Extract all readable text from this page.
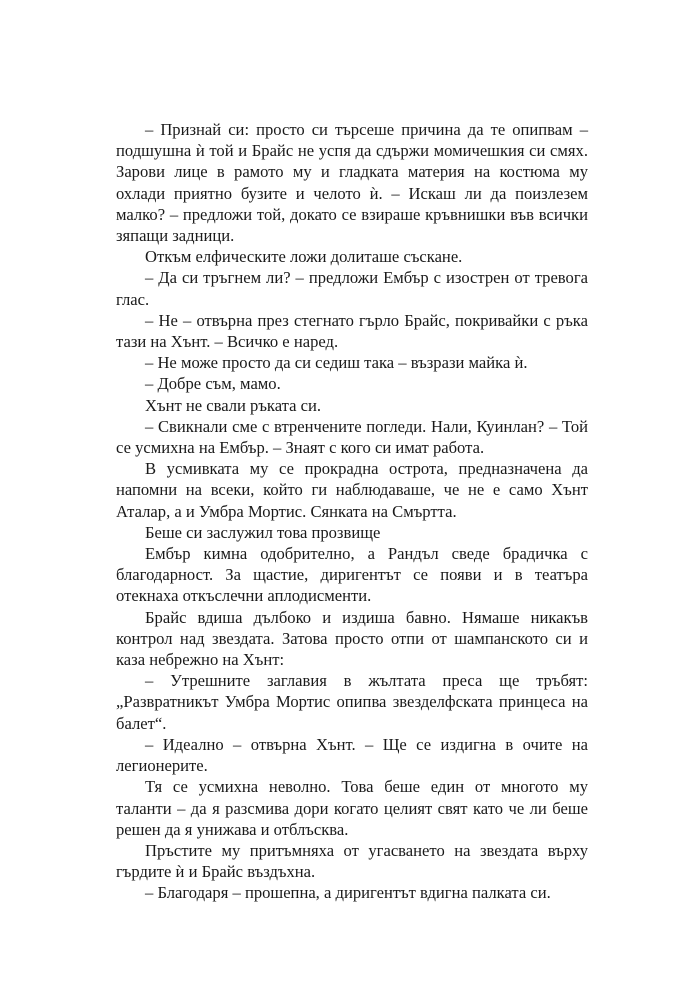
– Признай си: просто си търсеше причина да те опипвам – подшушна ѝ той и Брайс не успя да сдържи момичешкия си смях. Зарови лице в рамото му и гладката материя на костюма му охлади приятно бузите и челото ѝ. – Искаш ли да поизлезем малко? – предложи той, докато се взираше кръвнишки във всички зяпащи задници.

Откъм елфическите ложи долиташе съскане.

– Да си тръгнем ли? – предложи Ембър с изострен от тревога глас.

– Не – отвърна през стегнато гърло Брайс, покривайки с ръка тази на Хънт. – Всичко е наред.

– Не може просто да си седиш така – възрази майка ѝ.

– Добре съм, мамо.

Хънт не свали ръката си.

– Свикнали сме с втренчените погледи. Нали, Куинлан? – Той се усмихна на Ембър. – Знаят с кого си имат работа.

В усмивката му се прокрадна острота, предназначена да напомни на всеки, който ги наблюдаваше, че не е само Хънт Аталар, а и Умбра Мортис. Сянката на Смъртта.

Беше си заслужил това прозвище

Ембър кимна одобрително, а Рандъл сведе брадичка с благодарност. За щастие, диригентът се появи и в театъра отекнаха откъслечни аплодисменти.

Брайс вдиша дълбоко и издиша бавно. Нямаше никакъв контрол над звездата. Затова просто отпи от шампанското си и каза небрежно на Хънт:

– Утрешните заглавия в жълтата преса ще тръбят: „Развратникът Умбра Мортис опипва звезделфската принцеса на балет“.

– Идеално – отвърна Хънт. – Ще се издигна в очите на легионерите.

Тя се усмихна неволно. Това беше един от многото му таланти – да я разсмива дори когато целият свят като че ли беше решен да я унижава и отблъсква.

Пръстите му притъмняха от угасването на звездата върху гърдите ѝ и Брайс въздъхна.

– Благодаря – прошепна, а диригентът вдигна палката си.
